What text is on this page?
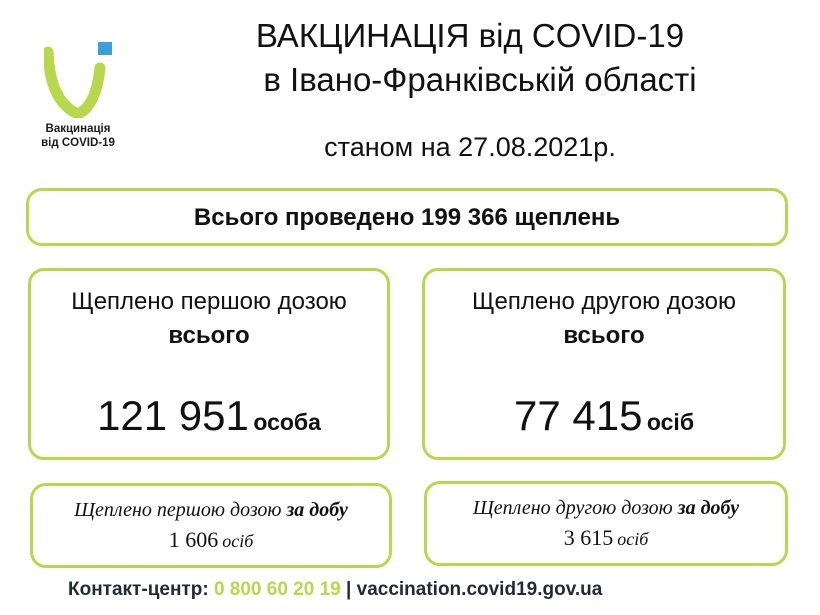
Вакцинація
від COVID-19
ВАКЦИНАЦІЯ від COVID-19
в Івано-Франківській області
станом на 27.08.2021р.
Всього проведено 199 366 щеплень
Щеплено першою дозою
всього
121 951 особа
Щеплено другою дозою
всього
77 415 осіб
Щеплено першою дозою за добу
1 606 осіб
Щеплено другою дозою за добу
3 615 осіб
Контакт-центр: 0 800 60 20 19 | vaccination.covid19.gov.ua
